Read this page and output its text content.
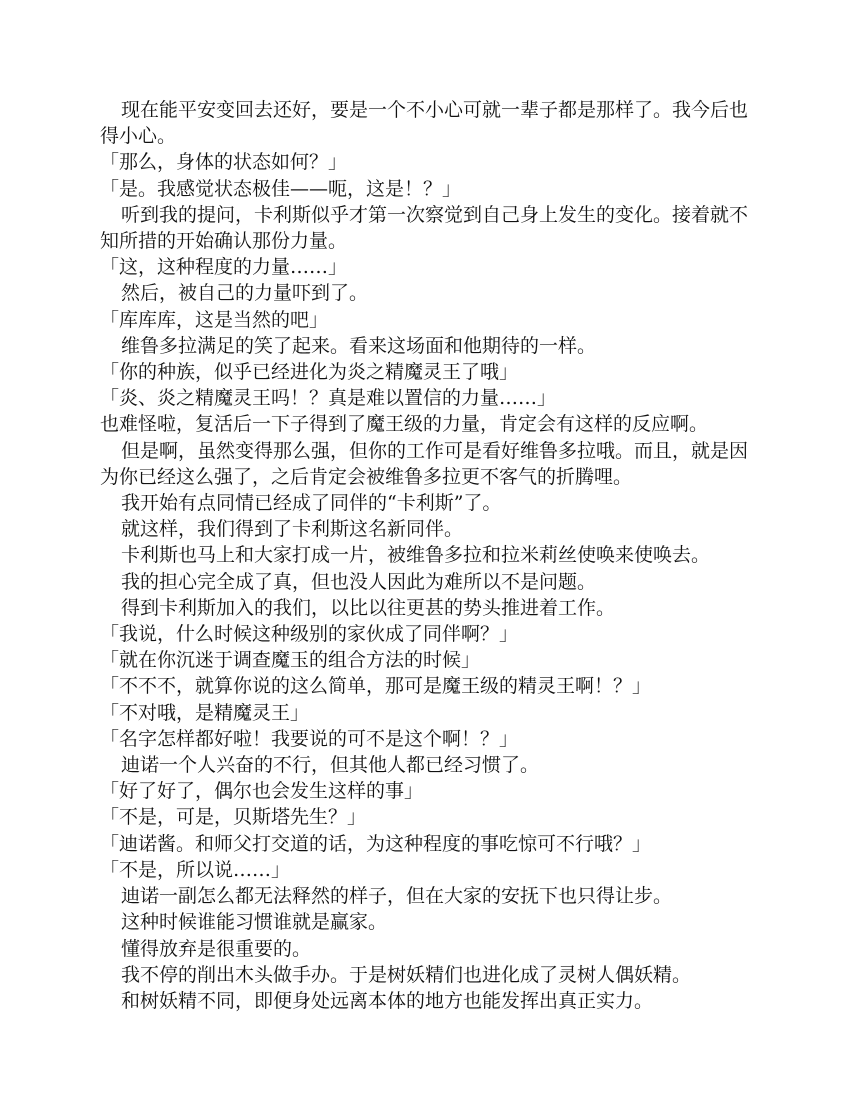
现在能平安变回去还好，要是一个不小心可就一辈子都是那样了。我今后也得小心。

「那么，身体的状态如何？」

「是。我感觉状态极佳——呃，这是！？」

听到我的提问，卡利斯似乎才第一次察觉到自己身上发生的变化。接着就不知所措的开始确认那份力量。

「这，这种程度的力量……」

然后，被自己的力量吓到了。

「库库库，这是当然的吧」

维鲁多拉满足的笑了起来。看来这场面和他期待的一样。

「你的种族，似乎已经进化为炎之精魔灵王了哦」

「炎、炎之精魔灵王吗！？真是难以置信的力量……」

也难怪啦，复活后一下子得到了魔王级的力量，肯定会有这样的反应啊。

但是啊，虽然变得那么强，但你的工作可是看好维鲁多拉哦。而且，就是因为你已经这么强了，之后肯定会被维鲁多拉更不客气的折腾哩。

我开始有点同情已经成了同伴的“卡利斯”了。

就这样，我们得到了卡利斯这名新同伴。

卡利斯也马上和大家打成一片，被维鲁多拉和拉米莉丝使唤来使唤去。

我的担心完全成了真，但也没人因此为难所以不是问题。

得到卡利斯加入的我们，以比以往更甚的势头推进着工作。

「我说，什么时候这种级别的家伙成了同伴啊？」

「就在你沉迷于调查魔玉的组合方法的时候」

「不不不，就算你说的这么简单，那可是魔王级的精灵王啊！？」

「不对哦，是精魔灵王」

「名字怎样都好啦！我要说的可不是这个啊！？」

迪诺一个人兴奋的不行，但其他人都已经习惯了。

「好了好了，偶尔也会发生这样的事」

「不是，可是，贝斯塔先生？」

「迪诺酱。和师父打交道的话，为这种程度的事吃惊可不行哦？」

「不是，所以说……」

迪诺一副怎么都无法释然的样子，但在大家的安抚下也只得让步。

这种时候谁能习惯谁就是赢家。

懂得放弃是很重要的。

我不停的削出木头做手办。于是树妖精们也进化成了灵树人偶妖精。

和树妖精不同，即便身处远离本体的地方也能发挥出真正实力。
